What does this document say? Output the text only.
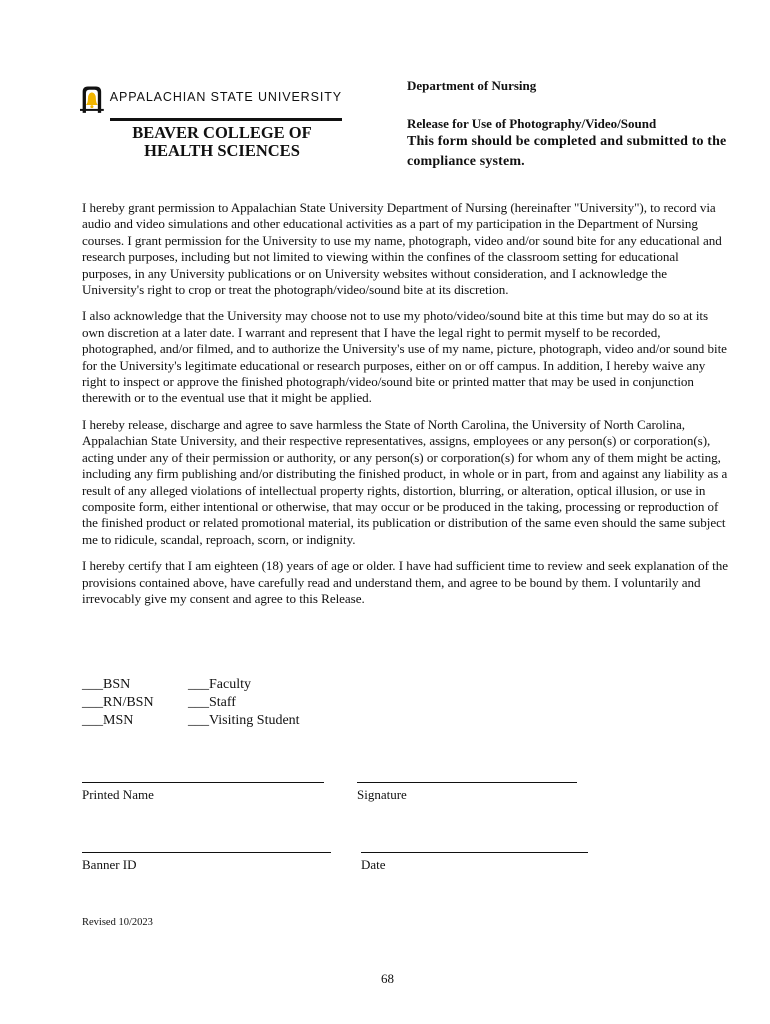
APPALACHIAN STATE UNIVERSITY
BEAVER COLLEGE OF
HEALTH SCIENCES
Department of Nursing
Release for Use of Photography/Video/Sound
This form should be completed and submitted to the compliance system.

I hereby grant permission to Appalachian State University Department of Nursing (hereinafter "University"), to record via audio and video simulations and other educational activities as a part of my participation in the Department of Nursing courses. I grant permission for the University to use my name, photograph, video and/or sound bite for any educational and research purposes, including but not limited to viewing within the confines of the classroom setting for educational purposes, in any University publications or on University websites without consideration, and I acknowledge the University's right to crop or treat the photograph/video/sound bite at its discretion.

I also acknowledge that the University may choose not to use my photo/video/sound bite at this time but may do so at its own discretion at a later date. I warrant and represent that I have the legal right to permit myself to be recorded, photographed, and/or filmed, and to authorize the University's use of my name, picture, photograph, video and/or sound bite for the University's legitimate educational or research purposes, either on or off campus. In addition, I hereby waive any right to inspect or approve the finished photograph/video/sound bite or printed matter that may be used in conjunction therewith or to the eventual use that it might be applied.

I hereby release, discharge and agree to save harmless the State of North Carolina, the University of North Carolina, Appalachian State University, and their respective representatives, assigns, employees or any person(s) or corporation(s), acting under any of their permission or authority, or any person(s) or corporation(s) for whom any of them might be acting, including any firm publishing and/or distributing the finished product, in whole or in part, from and against any liability as a result of any alleged violations of intellectual property rights, distortion, blurring, or alteration, optical illusion, or use in composite form, either intentional or otherwise, that may occur or be produced in the taking, processing or reproduction of the finished product or related promotional material, its publication or distribution of the same even should the same subject me to ridicule, scandal, reproach, scorn, or indignity.

I hereby certify that I am eighteen (18) years of age or older. I have had sufficient time to review and seek explanation of the provisions contained above, have carefully read and understand them, and agree to be bound by them. I voluntarily and irrevocably give my consent and agree to this Release.

___BSN
___RN/BSN
___MSN
___Faculty
___Staff
___Visiting Student
Printed Name	Signature
Banner ID	Date
Revised 10/2023
68
